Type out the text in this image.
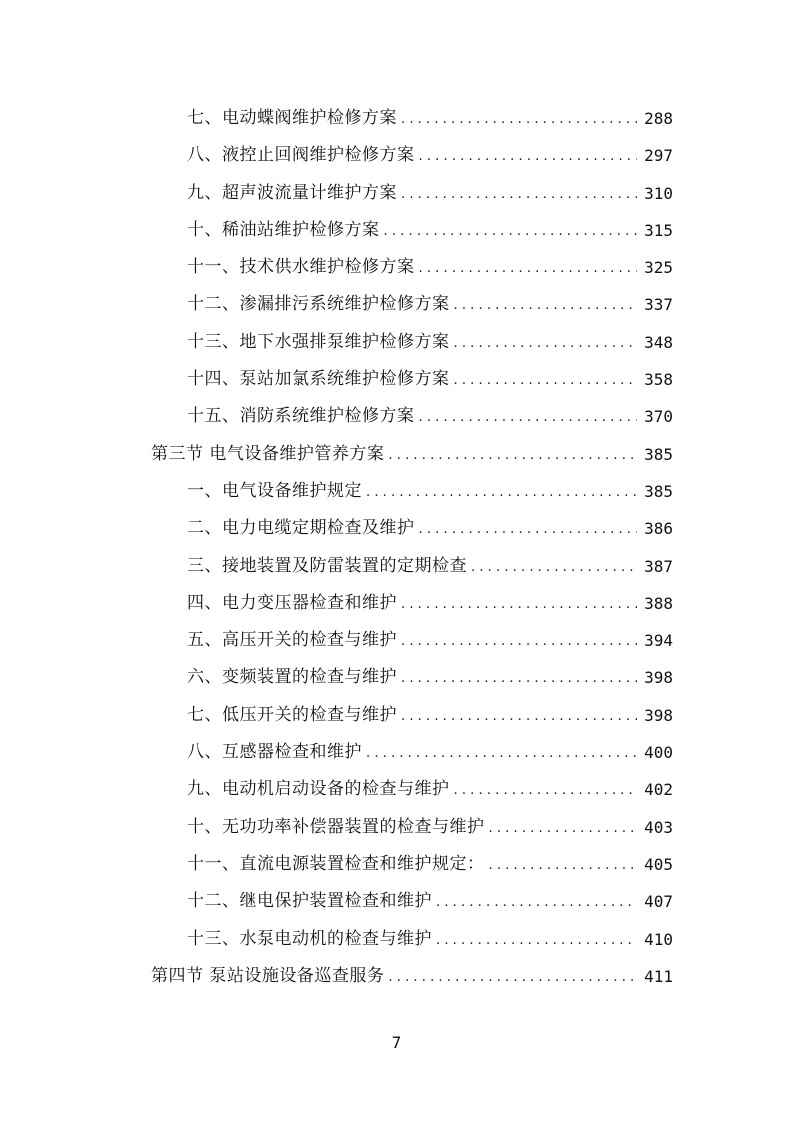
七、电动蝶阀维护检修方案 .....	288
八、液控止回阀维护检修方案 .....	297
九、超声波流量计维护方案 .....	310
十、稀油站维护检修方案 .....	315
十一、技术供水维护检修方案 .....	325
十二、渗漏排污系统维护检修方案 .....	337
十三、地下水强排泵维护检修方案 .....	348
十四、泵站加氯系统维护检修方案 .....	358
十五、消防系统维护检修方案 .....	370
第三节 电气设备维护管养方案 .....	385
一、电气设备维护规定 .....	385
二、电力电缆定期检查及维护 .....	386
三、接地装置及防雷装置的定期检查 .....	387
四、电力变压器检查和维护 .....	388
五、高压开关的检查与维护 .....	394
六、变频装置的检查与维护 .....	398
七、低压开关的检查与维护 .....	398
八、互感器检查和维护 .....	400
九、电动机启动设备的检查与维护 .....	402
十、无功功率补偿器装置的检查与维护 .....	403
十一、直流电源装置检查和维护规定： .....	405
十二、继电保护装置检查和维护 .....	407
十三、水泵电动机的检查与维护 .....	410
第四节 泵站设施设备巡查服务 .....	411
7
